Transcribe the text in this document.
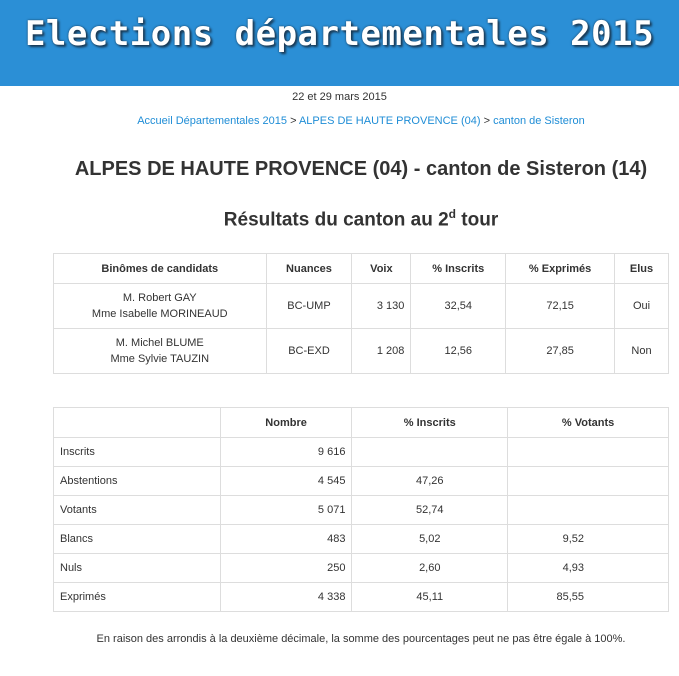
Elections départementales 2015
22 et 29 mars 2015
Accueil Départementales 2015 > ALPES DE HAUTE PROVENCE (04) > canton de Sisteron
ALPES DE HAUTE PROVENCE (04) - canton de Sisteron (14)
Résultats du canton au 2$^d$ tour
Binômes de candidats	Nuances	Voix	% Inscrits	% Exprimés	Elus
M. Robert GAY
Mme Isabelle MORINEAUD	BC-UMP	3 130	32,54	72,15	Oui
M. Michel BLUME
Mme Sylvie TAUZIN	BC-EXD	1 208	12,56	27,85	Non
	Nombre	% Inscrits	% Votants
Inscrits	9 616		
Abstentions	4 545	47,26	
Votants	5 071	52,74	
Blancs	483	5,02	9,52
Nuls	250	2,60	4,93
Exprimés	4 338	45,11	85,55
En raison des arrondis à la deuxième décimale, la somme des pourcentages peut ne pas être égale à 100%.
